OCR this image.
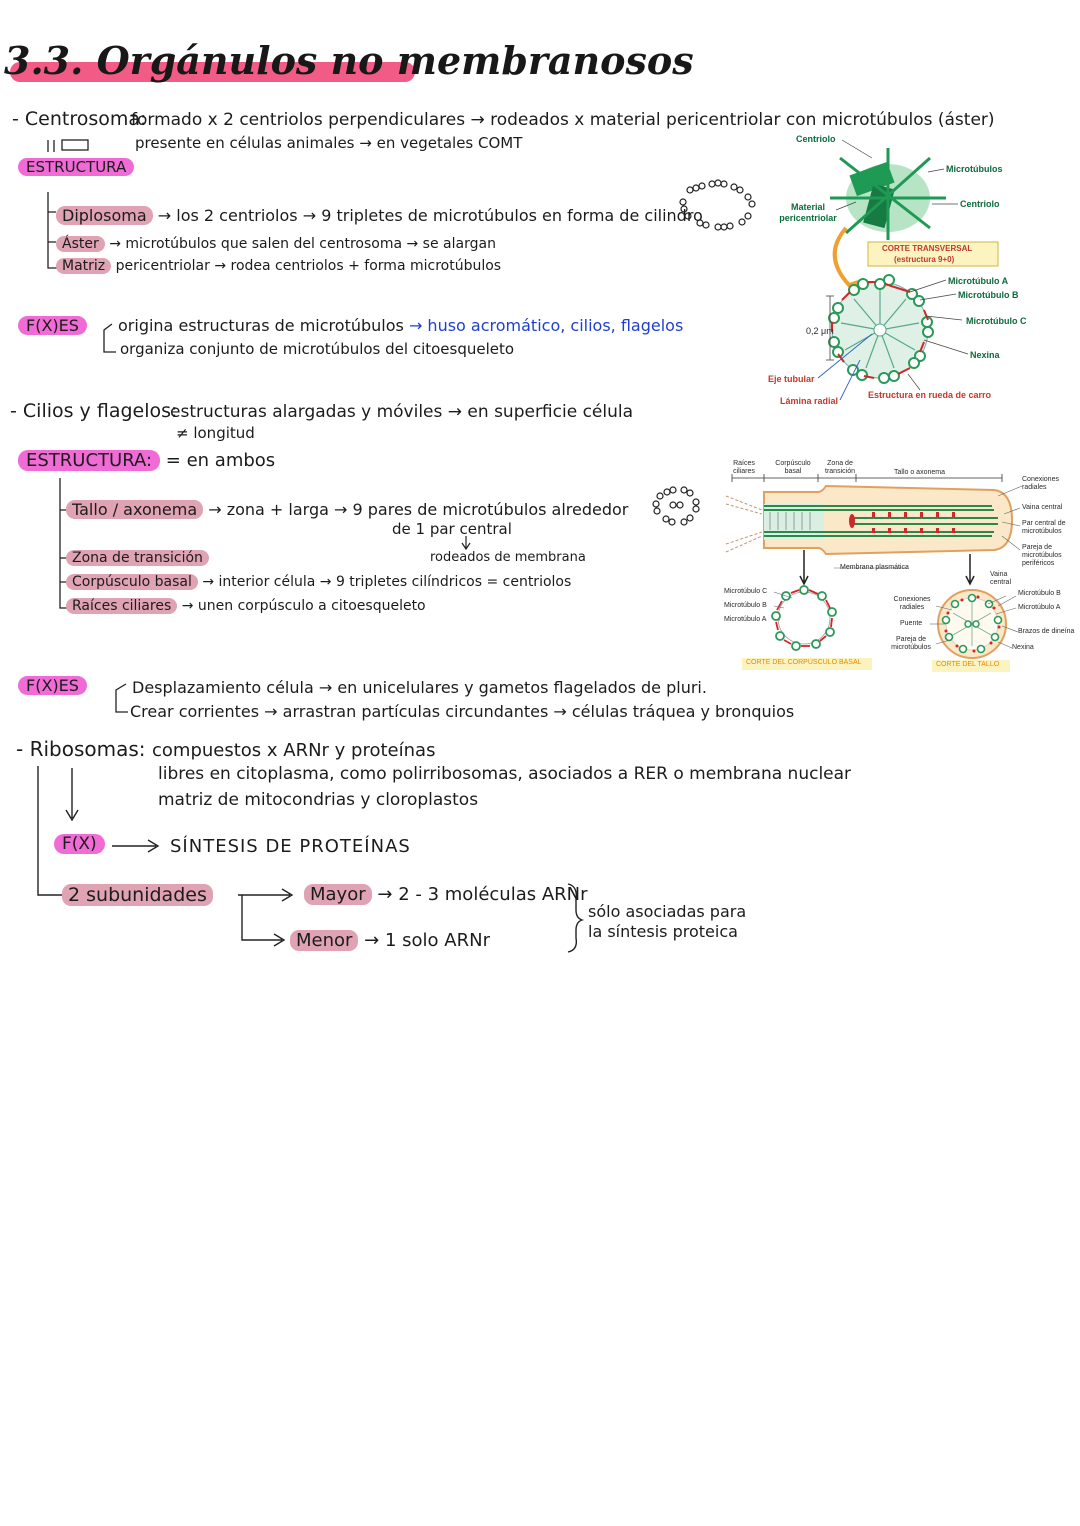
3.3. Orgánulos no membranosos
- Centrosoma:
formado x 2 centriolos perpendiculares → rodeados x material pericentriolar con microtúbulos (áster)
presente en células animales → en vegetales COMT
ESTRUCTURA
Diplosoma → los 2 centriolos → 9 tripletes de microtúbulos en forma de cilindro
Áster → microtúbulos que salen del centrosoma → se alargan
Matriz pericentriolar → rodea centriolos + forma microtúbulos
F(X)ES	origina estructuras de microtúbulos → huso acromático, cilios, flagelos
organiza conjunto de microtúbulos del citoesqueleto
Centriolo
Microtúbulos
Centriolo
Material pericentriolar
CORTE TRANSVERSAL
(estructura 9+0)
Microtúbulo A
Microtúbulo B
Microtúbulo C
Nexina
0,2 μm
Eje tubular
Lámina radial
Estructura en rueda de carro
- Cilios y flagelos:
estructuras alargadas y móviles → en superficie célula
≠ longitud
ESTRUCTURA: = en ambos
Tallo / axonema → zona + larga → 9 pares de microtúbulos alrededor
de 1 par central
rodeados de membrana
Zona de transición
Corpúsculo basal → interior célula → 9 tripletes cilíndricos = centriolos
Raíces ciliares → unen corpúsculo a citoesqueleto
F(X)ES	Desplazamiento célula → en unicelulares y gametos flagelados de pluri.
Crear corrientes → arrastran partículas circundantes → células tráquea y bronquios
Raíces ciliares
Corpúsculo basal
Zona de transición	Tallo o axonema
Conexiones radiales
Vaina central
Par central de microtúbulos
Pareja de microtúbulos periféricos
Membrana plasmática
Microtúbulo C
Microtúbulo B
Microtúbulo A
Conexiones radiales
Puente
Pareja de microtúbulos
Vaina central
Microtúbulo B
Microtúbulo A
Brazos de dineína
Nexina
CORTE DEL CORPÚSCULO BASAL	CORTE DEL TALLO
- Ribosomas: compuestos x ARNr y proteínas
libres en citoplasma, como polirribosomas, asociados a RER o membrana nuclear
matriz de mitocondrias y cloroplastos
F(X)	SÍNTESIS DE PROTEÍNAS
2 subunidades	Mayor → 2 - 3 moléculas ARNr
Menor → 1 solo ARNr
sólo asociadas para la síntesis proteica
